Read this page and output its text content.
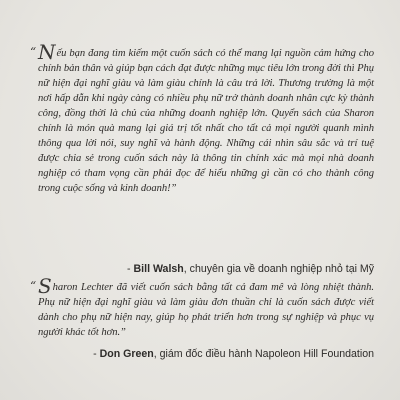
“ Nếu bạn đang tìm kiếm một cuốn sách có thể mang lại nguồn cảm hứng cho chính bản thân và giúp bạn cách đạt được những mục tiêu lớn trong đời thì Phụ nữ hiện đại nghĩ giàu và làm giàu chính là câu trả lời. Thương trường là một nơi hấp dẫn khi ngày càng có nhiều phụ nữ trở thành doanh nhân cực kỳ thành công, đồng thời là chủ của những doanh nghiệp lớn. Quyển sách của Sharon chính là món quà mang lại giá trị tốt nhất cho tất cả mọi người quanh mình thông qua lời nói, suy nghĩ và hành động. Những cái nhìn sâu sắc và trí tuệ được chia sẻ trong cuốn sách này là thông tin chính xác mà mọi nhà doanh nghiệp có tham vọng cần phải đọc để hiểu những gì cần có cho thành công trong cuộc sống và kinh doanh!”
- Bill Walsh, chuyên gia về doanh nghiệp nhỏ tại Mỹ
“ Sharon Lechter đã viết cuốn sách bằng tất cả đam mê và lòng nhiệt thành. Phụ nữ hiện đại nghĩ giàu và làm giàu đơn thuần chỉ là cuốn sách được viết dành cho phụ nữ hiện nay, giúp họ phát triển hơn trong sự nghiệp và phục vụ người khác tốt hơn.”
- Don Green, giám đốc điều hành Napoleon Hill Foundation
